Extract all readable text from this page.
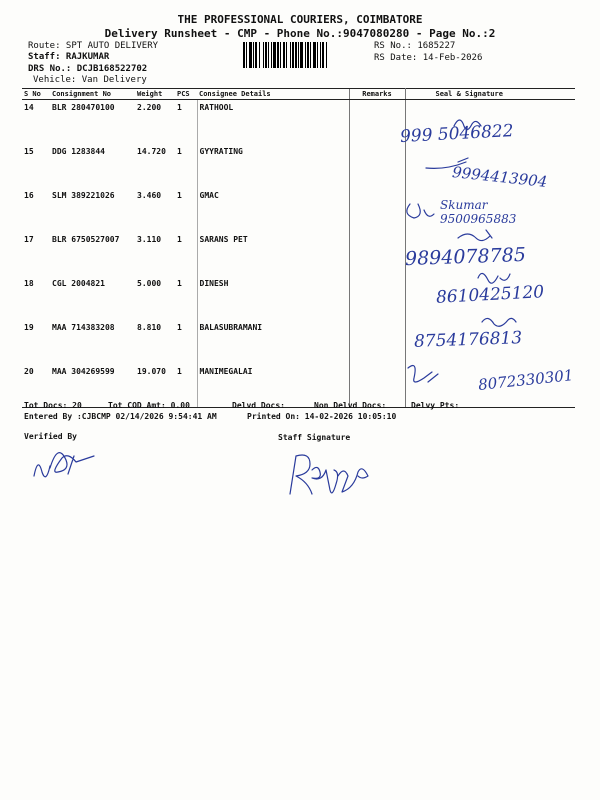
THE PROFESSIONAL COURIERS, COIMBATORE
Delivery Runsheet - CMP - Phone No.:9047080280 - Page No.:2
Route: SPT AUTO DELIVERY
Staff: RAJKUMAR
DRS No.: DCJB168522702
Vehicle: Van Delivery
RS No.: 1685227
RS Date: 14-Feb-2026
S No	Consignment No	Weight	PCS	Consignee Details	Remarks	Seal & Signature
14	BLR 280470100	2.200	1	RATHOOL		
15	DDG 1283844	14.720	1	GYYRATING		
16	SLM 389221026	3.460	1	GMAC		
17	BLR 6750527007	3.110	1	SARANS PET		
18	CGL 2004821	5.000	1	DINESH		
19	MAA 714383208	8.810	1	BALASUBRAMANI		
20	MAA 304269599	19.070	1	MANIMEGALAI		
999 5046822
9994413904
Skumar 9500965883
9894078785
8610425120
8754176813
8072330301
Tot Docs: 20	Tot COD Amt: 0.00	Delvd Docs:	Non Delvd Docs:	Delvy Pts:
Entered By :CJBCMP 02/14/2026 9:54:41 AM	Printed On: 14-02-2026 10:05:10
Verified By	Staff Signature
